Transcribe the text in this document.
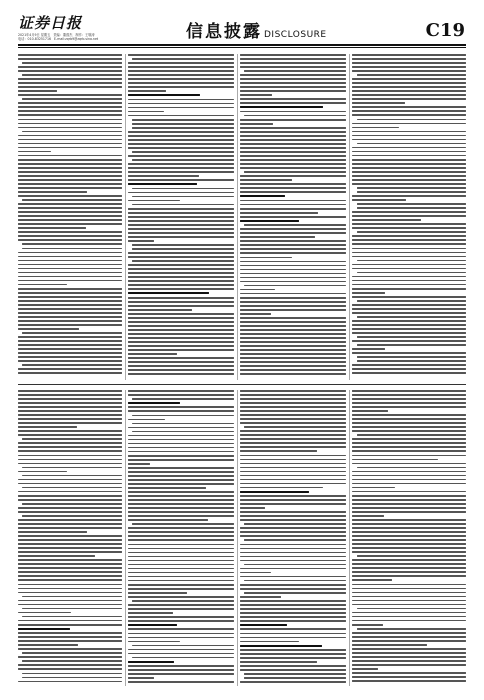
证券日报
2021年4月9日 星期五 责编：董蔚杰 制作：王敬涛
电话：010-83251716 E-mail:zqrb9@zqrb.sina.net	信息披露 DISCLOSURE	C19
